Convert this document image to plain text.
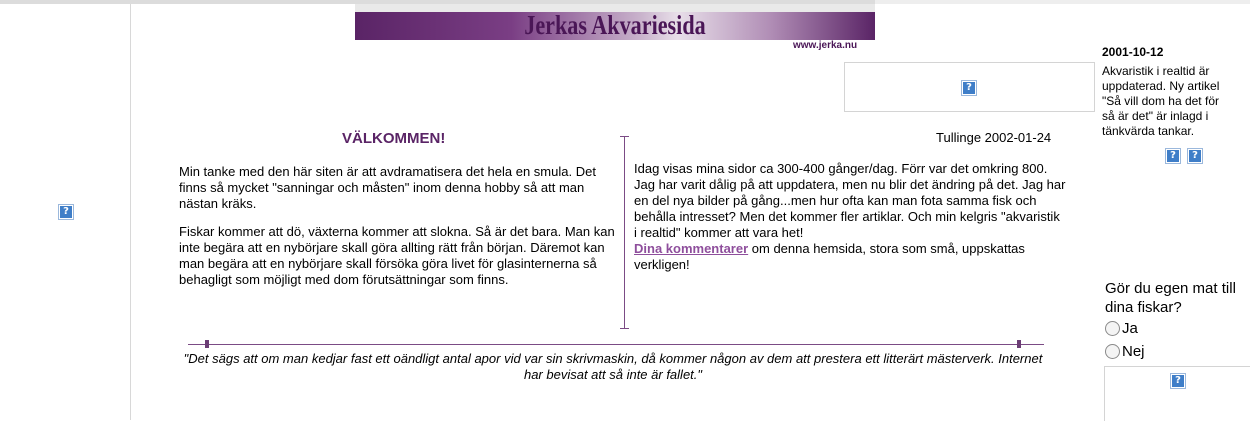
?
Jerkas Akvariesida
www.jerka.nu
?
VÄLKOMMEN!	Tullinge 2002-01-24
Min tanke med den här siten är att avdramatisera det hela en smula. Det finns så mycket "sanningar och måsten" inom denna hobby så att man nästan kräks.
Fiskar kommer att dö, växterna kommer att slokna. Så är det bara. Man kan inte begära att en nybörjare skall göra allting rätt från början. Däremot kan man begära att en nybörjare skall försöka göra livet för glasinternerna så behagligt som möjligt med dom förutsättningar som finns.
Idag visas mina sidor ca 300-400 gånger/dag. Förr var det omkring 800. Jag har varit dålig på att uppdatera, men nu blir det ändring på det. Jag har en del nya bilder på gång...men hur ofta kan man fota samma fisk och behålla intresset? Men det kommer fler artiklar. Och min kelgris "akvaristik i realtid" kommer att vara het!
Dina kommentarer om denna hemsida, stora som små, uppskattas verkligen!
"Det sägs att om man kedjar fast ett oändligt antal apor vid var sin skrivmaskin, då kommer någon av dem att prestera ett litterärt mästerverk. Internet har bevisat att så inte är fallet."
2001-10-12
Akvaristik i realtid är uppdaterad. Ny artikel "Så vill dom ha det för så är det" är inlagd i tänkvärda tankar.
?	?
Gör du egen mat till dina fiskar?
Ja
Nej
?
